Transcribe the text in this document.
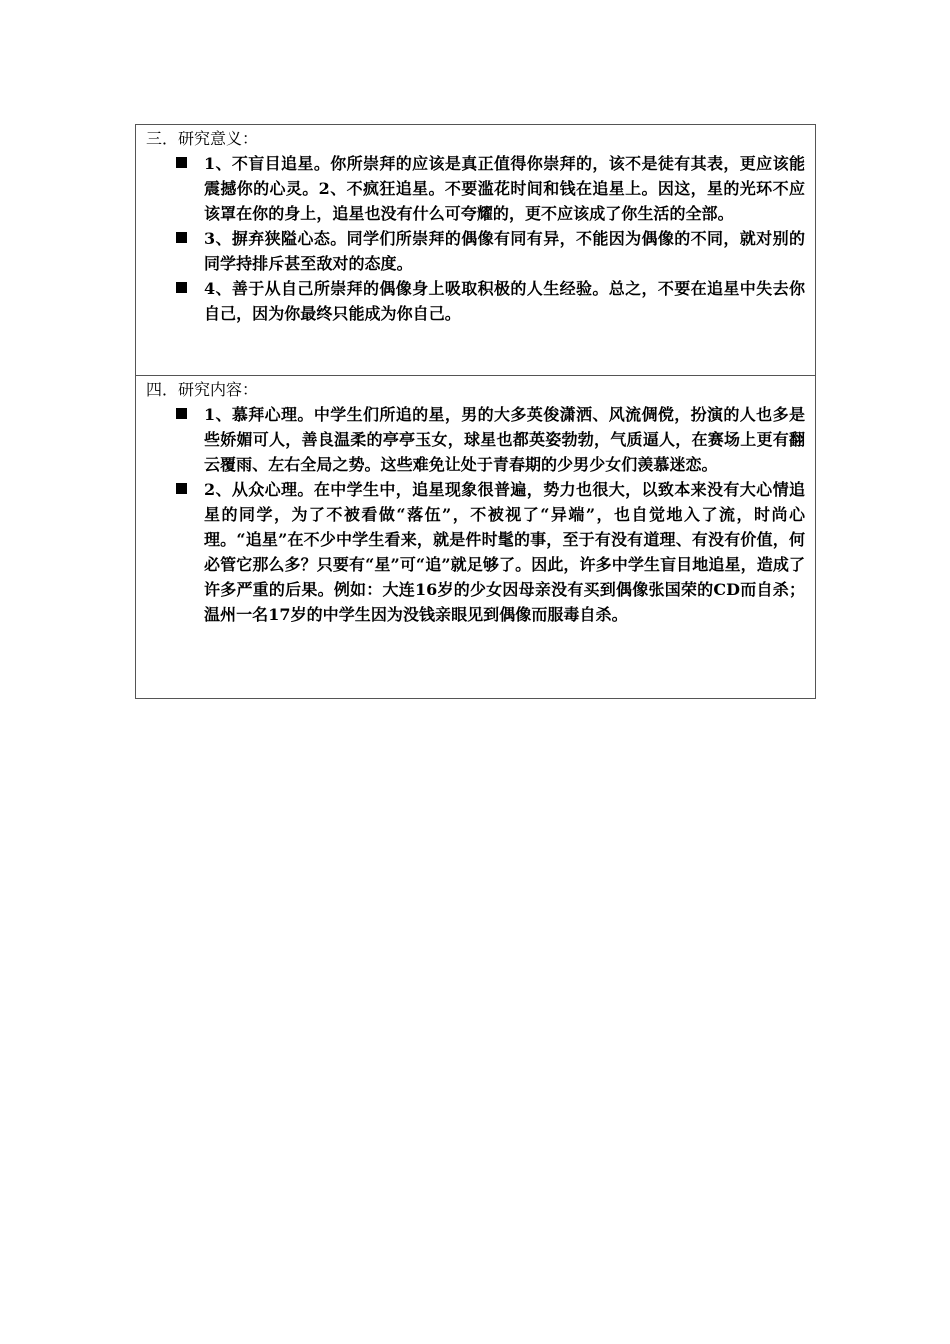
三．研究意义：
1、不盲目追星。你所崇拜的应该是真正值得你崇拜的，该不是徒有其表，更应该能震撼你的心灵。2、不疯狂追星。不要滥花时间和钱在追星上。因这，星的光环不应该罩在你的身上，追星也没有什么可夸耀的，更不应该成了你生活的全部。
3、摒弃狭隘心态。同学们所崇拜的偶像有同有异，不能因为偶像的不同，就对别的同学持排斥甚至敌对的态度。
4、善于从自己所崇拜的偶像身上吸取积极的人生经验。总之，不要在追星中失去你自己，因为你最终只能成为你自己。
四．研究内容：
1、慕拜心理。中学生们所追的星，男的大多英俊潇洒、风流倜傥，扮演的人也多是些娇媚可人，善良温柔的亭亭玉女，球星也都英姿勃勃，气质逼人，在赛场上更有翻云覆雨、左右全局之势。这些难免让处于青春期的少男少女们羡慕迷恋。
2、从众心理。在中学生中，追星现象很普遍，势力也很大，以致本来没有大心情追星的同学，为了不被看做“落伍”，不被视了“异端”，也自觉地入了流，时尚心理。“追星”在不少中学生看来，就是件时髦的事，至于有没有道理、有没有价值，何必管它那么多？只要有“星”可“追”就足够了。因此，许多中学生盲目地追星，造成了许多严重的后果。例如：大连16岁的少女因母亲没有买到偶像张国荣的CD而自杀；温州一名17岁的中学生因为没钱亲眼见到偶像而服毒自杀。
